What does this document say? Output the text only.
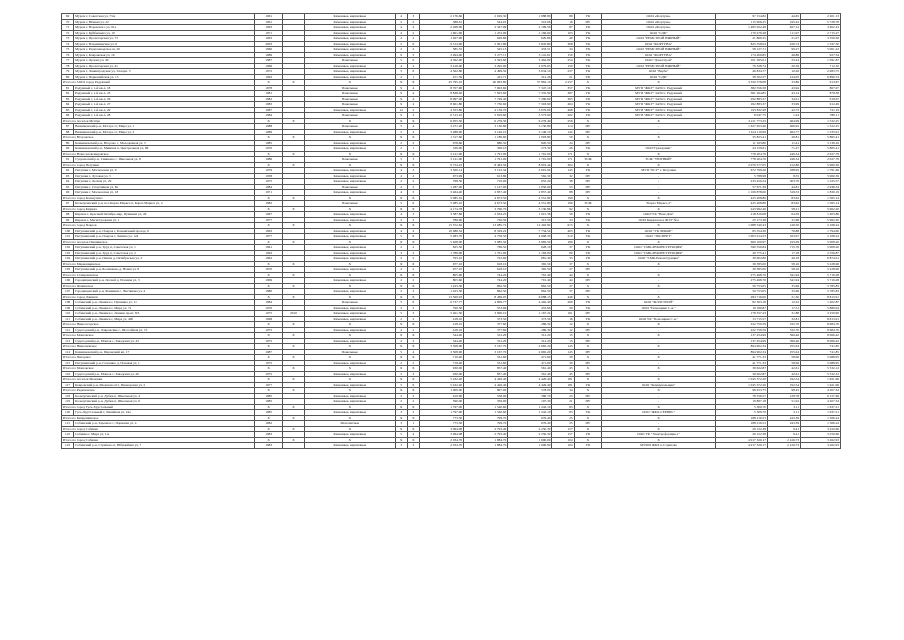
69	Муром г, Советская ул, 73А	1961		Каменные, кирпичные	4	3	2 176.60	2 029.30	1 988.80	89	УК	ООО «Фортуна»	97 154.82	44.65	2 201.13
70	Муром г, Южная ул, 22	1961		Каменные, кирпичные	2	2	588.61	544.91	516.06	16	ИУ	ООО «Фортуна»	115 006.25	195.42	5 728.78
71	Муром г, Воровского ул, 91а	1963		Каменные, кирпичные	4	4	2 268.00	2 347.99	2 199.56	87	УК	ООО «Фортуна»	1 485 022.49	627.12	3 402.23
72	Муром г, Куйбышева ул, 10	1971		Каменные, кирпичные	4	2	1 601.90	1 472.09	1 166.60	103	УК	ООО "СДК"	179 279.28	111.97	2 715.27
73	Муром г, Пролетарская ул, 73	1963		Каменные, кирпичные	2	2	1 027.90	620.86	620.86	40	УК	ООО "РЕМСТРОЙ ЮЖНЫЙ"	21 860.55	21.07	3 359.36
74	Муром г, Владимирская ул, 6	2003		Каменные, кирпичные	5	6	9 514.00	5 901.80	5 845.80	368	УК	ООО "ФОРТУНА"	825 558.04	226.74	1 547.50
75	Муром г, Радиозаводское ш, 20	1960		Каменные, кирпичные	2	2	585.55	545.15	433.51	34	УК	ООО "РЕМСТРОЙ ЮЖНЫЙ"	58 127.71	99.27	5 001.22
76	Муром г, Ковровская ул, 16	1989		Каменные, кирпичные	9	3	3 494.00	3 277.11	3 141.61	150	УК	ООО "ФОРТУНА"	174 209.85	49.86	927.54
77	Муром г, Орлова ул, 40	1987		Панельные	5	6	4 362.00	3 593.60	3 462.60	254	УК	ООО "Домострой"	101 365.01	23.24	1 591.87
78	Муром г, Пролетарская ул, 41	1966		Каменные, кирпичные	4	4	3 416.00	3 292.00	2 976.63	150	УК	ООО "РЕМСТРОЙ ЮЖНЫЙ"	70 328.74	20.59	712.10
79	Муром г, Ленинградская ул, 34 корп. 5	1972		Каменные, кирпичные	5	6	4 562.80	4 499.50	3 634.10	237	УК	ООО "Верба"	46 834.77	10.26	2 083.75
80	Муром г, Первомайская ул, 15	1963		Каменные, кирпичные	2	1	471.59	415.71	312.26	21	УК	ООО "СДК"	58 502.57	124.05	6 899.74
Итого по ЗАТО город Радужный		X	X	X	X	X	45 795.10	40 693.80	37 862.10	2 257	X	X	3 350 578.08	33.86	913.67
81	Радужный г, 1-й кв-л, 18	1978		Панельные	9	4	8 707.90	7 693.60	7 347.10	357	УК	МУП "ЖКУ" ЗАТО г. Радужный	382 556.58	43.94	867.07
82	Радужный г, 1-й кв-л, 23	1981		Панельные	9	4	8 838.40	7 823.60	7 335.90	387	УК	МУП "ЖКУ" ЗАТО г. Радужный	381 264.85	43.14	878.38
83	Радужный г, 1-й кв-л, 26	1982		Панельные	9	4	8 997.00	7 749.40	7 290.60	395	УК	МУП "ЖКУ" ЗАТО г. Радужный	292 883.37	34.01	918.67
84	Радужный г, 1-й кв-л, 27	1983		Панельные	9	4	8 601.80	7 730.60	7 318.90	404	УК	МУП "ЖКУ" ЗАТО г. Радужный	292 883.37	33.99	912.49
85	Радужный г, 1-й кв-л, 29	1987		Каменные, кирпичные	12	2	4 553.80	4 139.70	3 676.00	468	УК	МУП "ЖКУ" ЗАТО г. Радужный	193 832.28	42.73	741.19
86	Радужный г, 1-й кв-л, 28	1984		Панельные	9	3	6 513.10	5 819.60	5 573.60	262	УК	МУП "ЖКУ" ЗАТО г. Радужный	8 047.75	1.24	780.11
Итого по поселок Мстёра		X	X	X	X	X	6 955.50	6 276.30	6 276.40	256	X	X	3 211 773.25	464.99	1 532.25
87	Вязниковский р-н, Мстера ст, Мира ул, 1	1988		Панельные	5	4	3 471.20	3 130.80	3 130.80	114	ИУ	-	1 627 653.46	466.92	1 522.25
88	Вязниковский р-н, Мстера ст, Мира ул, 3	1989		Каменные, кирпичные	5	4	3 488.00	3 146.10	3 146.10	142	ИУ	-	1 614 119.69	462.77	1 535.91
Итого по Второвское		X	X	X	X	X	1 317.60	1 189.60	1 093.80	50	X	X	35 823.41	26.81	5 865.41
89	Камешковский р-н, Второво с, Молодежная ул, 5	1985		Каменные, кирпичные	2	2	978.60	880.50	820.50	24	ИУ	-	11 163.80	11.41	3 136.16
90	Камешковский р-н, Мишнев п, Центральная ул, 86	1976		Каменные, кирпичные	2	1	339.00	309.10	273.30	26	УК	ООО"Гражданин"	24 159.61	71.27	5 865.41
Итого по Новоселовскидовское		X	X	X	X	X	3 121.00	1 791.00	1 791.00	171	X	X	778 204.76	249.34	2 027.79
91	Суздальский р-н, Свиньево с, Школьная ул, 8	1986		Панельные	5	3	3 121.00	1 791.00	1 791.00	171	ТСЖ	ТСЖ "УЮТНЫЙ"	778 204.76	249.34	2 027.79
Итого по город Петушки		X	X	X	X	X	9 754.22	8 463.50	8 016.44	364	X	X	2 076 577.05	212.89	5 960.39
92	Петушки г, Московская ул, 9	1976		Каменные, кирпичные	4	3	3 560.14	3 122.34	3 001.94	145	УК	МУП "РСУ" г. Петушки	672 799.26	188.95	1 791.66
93	Петушки г, Луговая ул, 5	1958		Каменные, кирпичные	2	2	673.99	613.80	562.30	32	ИУ	-	5 788.98	8.55	5 960.39
94	Петушки г, Лесная ул, 20	1975		Каменные, кирпичные	2	2	768.50	710.00	655.20	38	ИУ	-	233 450.54	303.76	1 525.57
95	Петушки г, Спортивная ул, 6а	1984		Панельные	4	2	1 287.00	1 127.00	1 050.00	53	ИУ	-	57 671.39	44.81	2 948.34
96	Петушки г, Московская ул, 18	1971		Каменные, кирпичные	4	3	3 464.40	2 857.40	2 857.40	88	ИУ	-	1 106 878.00	319.53	1 830.19
Итого по город Кольчугино		X	X	X	X	X	5 085.10	4 673.50	4 551.80	199	X	X	425 208.86	83.62	1 565.14
97	Кольчугинский р-н, пос.Карла Маркса п, Карла Маркса ул, 2	1982		Панельные	5	6	5 085.10	4 673.50	4 551.80	199	ТСЖ	"Карла Маркса 2"	425 208.86	83.62	1 565.14
Итого по город Киржач		X	X	X	X	X	4 174.78	3 760.70	3 130.86	92	X	X	243 992.46	58.21	5 962.20
98	Киржач г, Красный Октябрь мкр, Пушкина ул, 26	1967		Каменные, кирпичные	4	3	3 387.86	2 034.25	1 015.36	59	УК	ООО"УК "Наш Дом"	218 819.08	64.59	1 403.86
99	Киржач г, Магистральная ул, 1	1977		Каменные, кирпичные	2	2	786.90	726.50	315.50	33	УК	ООО Киржачское ЖЭУ №4	25 173.38	31.98	5 962.20
Итого по город Покров		X	X	X	X	X	15 372.62	13 085.72	12 402.84	615	X	X	1 988 540.43	126.50	2 168.24
100	Петушинский р-н, Покров г, Больничный проезд, 6	1963		Каменные, кирпичные	4	4	10 086.52	8 529.22	7 734.54	405	УК	ООО "УК ЛИКОР"	85 554.30	76.88	1 794.00
101	Петушинский р-н, Покров г, Ленина ул, 124	1977		Каменные, кирпичные	5	8	5 083.70	4 756.50	4 668.30	210	УК	ООО "ЭКСПЕРТ"	1 903 014.53	323.67	2 168.24
Итого по поселок Пекшинское		X	X	X	X	X	5 408.00	3 985.50	3 985.50	189	X	X	660 100.97	193.09	5 008.20
102	Петушинский р-н, Труд п, Советская ул, 1	1961		Каменные, кирпичные	2	2	825.50	769.50	628.10	37	УК	ООО "СМК-РЕКОНСТРУКЦИЯ"	590 350.84	715.76	5 008.20
103	Петушинский р-н, Труд п, Советская ул, 2	1963		Каменные, кирпичные	3	2	1 789.90	1 701.00	1 183.00	60	УК	ООО "СМК-РЕКОНСТРУКЦИЯ"	30 775.41	17.18	2 556.87
104	Петушинский р-н, Пекша д, Октябрьская ул, 2	1962		Каменные, кирпичные	2	2	793.10	722.60	681.40	33	УК	ООО "СМК-Реконструкция"	39 002.80	49.18	6 874.01
Итого по Марковщинское		X	X	X	X	X	677.10	618.10	365.50	37	X	X	39 385.00	58.16	5 228.06
105	Петушинский р-н, Болшаково-д, Новая ул, 8	1970		Каменные, кирпичные	2	2	677.10	618.10	365.50	37	ИУ	-	39 385.00	58.16	5 228.06
Итого по Ставрововское		X	X	X	X	X	805.60	744.20	701.40	44	X	X	275 468.76	341.94	5 719.28
106	Городищенский р-н, Лесной д, Полевая ул, 3	1969		Каменные, кирпичные	2	2	805.60	744.20	701.40	44	ИУ	-	275 468.76	341.94	5 719.28
Итого по Фоминское		X	X	X	X	X	1 423.30	862.50	862.50	37	X	X	50 753.05	35.66	5 785.83
107	Городищенский р-н, Фоминки с, Чистякова ул, 4	1980		Каменные, кирпичные	2	3	1 423.30	862.50	862.50	37	ИУ	-	50 753.05	35.66	5 785.83
Итого по город Лакинск		X	X	X	X	X	13 369.93	8 469.05	6 088.13	446	X	X	284 716.06	21.30	8 813.91
108	Собинский р-н, Лакинск г, Пушкина ул, 11	1984		Панельные	5	6	6 737.77	4 809.77	4 492.40	266	УК	ООО "ЖЭЛСТРОЙ"	82 303.18	12.22	1 202.87
109	Собинский р-н, Лакинск г, Мира ул, 7а	1976		Каменные, кирпичные	2	2	799.56	553.66	453.66	20	УК	ООО "Помощник С.А."	19 189.87	17.51	5 889.94
110	Собинский р-н, Лакинск г, Ленина пр-кт, 8/3	1975	2010	Каменные, кирпичные	5	3	5 401.50	3 906.10	1 167.24	161	ИУ	-	178 357.43	31.88	3 259.90
111	Собинский р-н, Лакинск г, Мира ул, 49б	1968		Каменные, кирпичные	2	2	418.10	373.50	373.59	16	УК	ООО УК "Помощник С.А."	13 715.57	32.81	8 813.91
Итого по Никологорское		X	X	X	X	X	418.10	377.60	286.30	12	X	X	222 750.59	532.70	8 684.76
112	Судогодский р-н, Лавровские с, Шоссейная ул, 15	1975		Каменные, кирпичные	2	2	418.10	377.60	286.30	12	ИУ	-	222 750.59	532.70	8 684.76
Итого по Мошокское		X	X	X	X	X	544.40	312.20	312.20	15	X	X	137 454.99	399.46	8 066.42
113	Судогодский р-н, Мошок с, Заводская ул, 43	1975		Каменные, кирпичные	2	2	544.40	312.20	312.20	15	ИУ	-	137 454.99	399.46	8 066.42
Итого по Николаевское		X	X	X	X	X	3 508.90	3 167.70	2 665.20	145	X	X	894 902.34	255.04	741.85
114	Камешковский р-н, Пировский кп, 17	1987		Панельные	5	4	3 508.90	3 167.70	2 665.20	145	ИУ	-	894 902.34	255.04	741.85
Итого по Пигорное		X	X	X	X	X	719.40	531.60	471.60	30	X	X	41 771.33	58.06	5 088.95
115	Петушинский р-н, Головино д, Полевая ул, 1	1975		Каменные, кирпичные	2	2	719.40	531.60	471.60	30	ИУ	-	41 771.33	58.06	5 088.95
Итого по Мошокское		X	X	X	X	X	930.00	857.40	561.40	45	X	X	39 622.87	42.61	5 532.12
116	Судогодский р-н, Мошок с, Заводская ул, 26	1975		Каменные, кирпичные	2	3	930.00	857.40	561.40	45	ИУ	-	39 622.87	42.61	5 532.12
Итого по поселок Меленки		X	X	X	X	X	5 432.40	4 426.40	4 426.40	181	X	X	1 045 372.20	192.54	1 621.96
117	Ковровский р-н, Мелехово пгт, Пионерская ул, 5	1977		Каменные, кирпичные	5	6	5 432.40	4 426.40	4 426.40	181	УК	ООО "Коммунальщик"	1 045 372.20	192.54	1 621.96
Итого по Радиловское		X	X	X	X	X	1 000.00	897.00	578.00	34	X	X	98 453.75	98.45	4 207.34
118	Кольчугинский р-н, Дубки п, Школьная ул, 4	1985		Каменные, кирпичные	2	2	610.00	538.00	380.70	23	ИУ	-	78 556.57	128.78	6 157.69
119	Кольчугинский р-н, Дубки п, Школьная ул, 6	1985		Каменные, кирпичные	2	2	390.00	359.00	197.30	21	ИУ	-	19 897.18	51.02	4 207.34
Итого по город Гусь-Хрустальный		X	X	X	X	X	1 797.00	1 540.60	1 242.10	83	X	X	5 309.70	3.11	1 637.21
120	Гусь-Хрустальный г, Линейная ул, 24а	1985		Каменные, кирпичные	3	3	1 797.00	1 540.60	1 242.10	83	УК	ООО "ЖКХ-СЕРВИС"	5 309.70	3.11	1 637.21
Итого по Кипрешинское		X	X	X	X	X	773.30	709.70	676.40	25	X	X	188 216.53	243.39	1 566.24
121	Собинский р-н, Заречное с, Парковая ул, 4	1982		Монолитные	3	1	773.30	709.70	676.40	25	ИУ	-	188 216.53	243.39	1 566.24
Итого по город Собинка		X	X	X	X	X	3 094.98	2 793.40	2 250.30	157	X	X	29 122.38	9.41	3 250.66
122	Собинка г, Мира ул, 1А	1983		Каменные, кирпичные	5	4	3 094.98	2 793.40	2 250.30	157	УК	ООО УК "Электрофорщик-1"	29 122.38	9.41	3 250.66
Итого по город Собинка		X	X	X	X	X	2 034.70	1 884.70	1 690.60	104	X	X	4 917 329.17	2 416.73	3 262.93
123	Собинский р-н, Стрипово п, Юбилейная ул, 7	1983		Каменные, кирпичные	3	3	2 034.70	1 884.70	1 690.60	104	УК	МУМП ЖКХ п.Стрипово	4 917 329.17	2 416.73	3 262.93
